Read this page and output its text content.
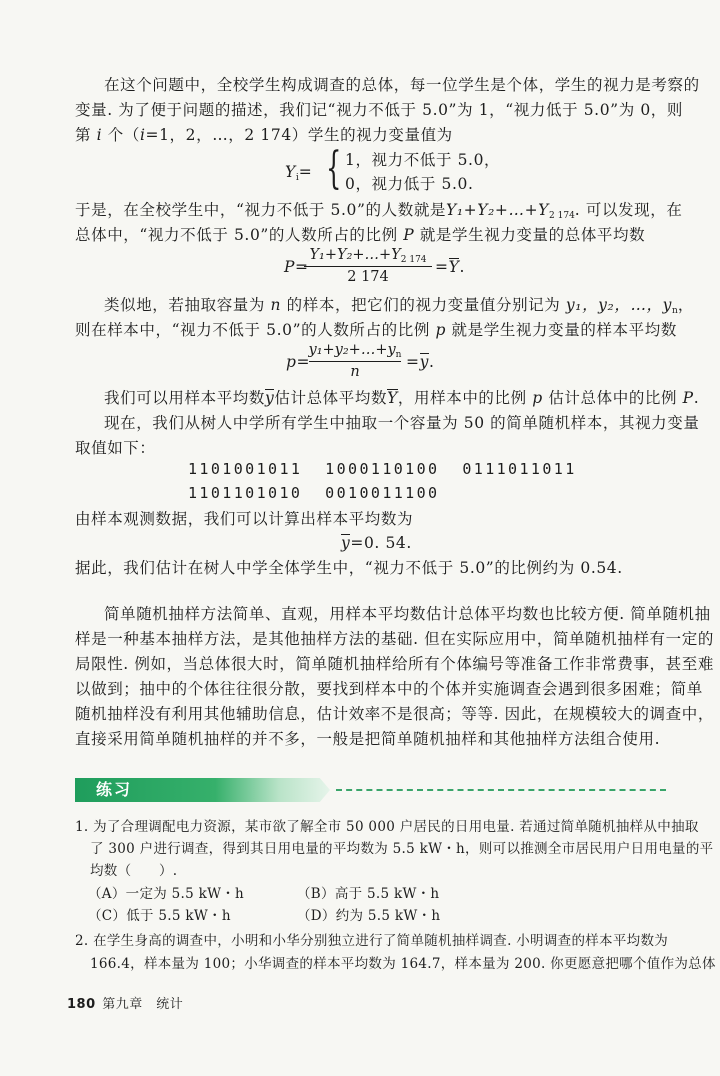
在这个问题中，全校学生构成调查的总体，每一位学生是个体，学生的视力是考察的
变量. 为了便于问题的描述，我们记“视力不低于 5.0”为 1，“视力低于 5.0”为 0，则
第 i 个（i=1，2，…，2 174）学生的视力变量值为
$Y_i=$ { 1，视力不低于 5.0，
0，视力低于 5.0.
于是，在全校学生中，“视力不低于 5.0”的人数就是$Y_1+Y_2+\dots+Y_{2 174}$. 可以发现，在
总体中，“视力不低于 5.0”的人数所占的比例 P 就是学生视力变量的总体平均数
P=
$Y_1+Y_2+\dots+Y_{2 174}$
2 174
=Y.
类似地，若抽取容量为 n 的样本，把它们的视力变量值分别记为 y₁，y₂，…，$y_n$，
则在样本中，“视力不低于 5.0”的人数所占的比例 p 就是学生视力变量的样本平均数
p=
$y_1+y_2+\dots+y_n$
n
=y.
我们可以用样本平均数y估计总体平均数Y，用样本中的比例 p 估计总体中的比例 P.
现在，我们从树人中学所有学生中抽取一个容量为 50 的简单随机样本，其视力变量
取值如下：
1101001011  1000110100  0111011011
1101101010  0010011100
由样本观测数据，我们可以计算出样本平均数为
y=0. 54.
据此，我们估计在树人中学全体学生中，“视力不低于 5.0”的比例约为 0.54.
简单随机抽样方法简单、直观，用样本平均数估计总体平均数也比较方便. 简单随机抽
样是一种基本抽样方法，是其他抽样方法的基础. 但在实际应用中，简单随机抽样有一定的
局限性. 例如，当总体很大时，简单随机抽样给所有个体编号等准备工作非常费事，甚至难
以做到；抽中的个体往往很分散，要找到样本中的个体并实施调查会遇到很多困难；简单
随机抽样没有利用其他辅助信息，估计效率不是很高；等等. 因此，在规模较大的调查中，
直接采用简单随机抽样的并不多，一般是把简单随机抽样和其他抽样方法组合使用.
练习
1. 为了合理调配电力资源，某市欲了解全市 50 000 户居民的日用电量. 若通过简单随机抽样从中抽取
了 300 户进行调查，得到其日用电量的平均数为 5.5 kW・h，则可以推测全市居民用户日用电量的平
均数（　　）.
（A）一定为 5.5 kW・h	（B）高于 5.5 kW・h
（C）低于 5.5 kW・h	（D）约为 5.5 kW・h
2. 在学生身高的调查中，小明和小华分别独立进行了简单随机抽样调查. 小明调查的样本平均数为
166.4，样本量为 100；小华调查的样本平均数为 164.7，样本量为 200. 你更愿意把哪个值作为总体
180 第九章　统计
